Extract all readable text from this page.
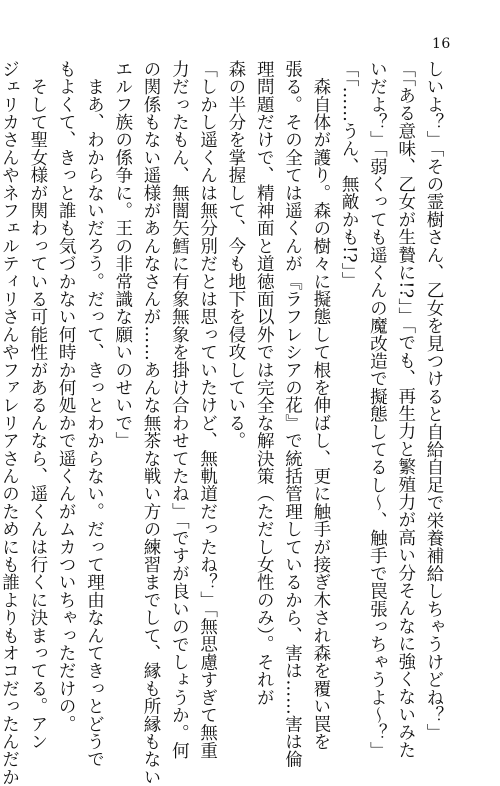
16
しいよ？」「その霊樹さん、乙女を見つけると自給自足で栄養補給しちゃうけどね？」
「「ある意味、乙女が生贄に!?」」「でも、再生力と繁殖力が高い分そんなに強くないみた
いだよ？」「弱くっても遥くんの魔改造で擬態してるし〜、触手で罠張っちゃうよ〜？」
「「……うん、無敵かも!?」」
　森自体が護り。森の樹々に擬態して根を伸ばし、更に触手が接ぎ木され森を覆い罠を
張る。その全ては遥くんが『ラフレシアの花』で統括管理しているから、害は……害は倫
理問題だけで、精神面と道徳面以外では完全な解決策（ただし女性のみ）。それが
森の半分を掌握して、今も地下を侵攻している。
「しかし遥くんは無分別だとは思っていたけど、無軌道だったね？」「無思慮すぎて無重
力だったもん、無闇矢鱈に有象無象を掛け合わせてたね」「ですが良いのでしょうか。何
の関係もない遥様があんなさんが……あんな無茶な戦い方の練習までして、縁も所縁もない
エルフ族の係争に。王の非常識な願いのせいで」
　まあ、わからないだろう。だって、きっとわからない。だって理由なんてきっとどうで
もよくて、きっと誰も気づかない何時か何処かで遥くんがムカついちゃっただけの。
　そして聖女様が関わっている可能性があるんなら、遥くんは行くに決まってる。アン
ジェリカさんやネフェルティリさんやファレリアさんのためにも誰よりもオコだったんだか
